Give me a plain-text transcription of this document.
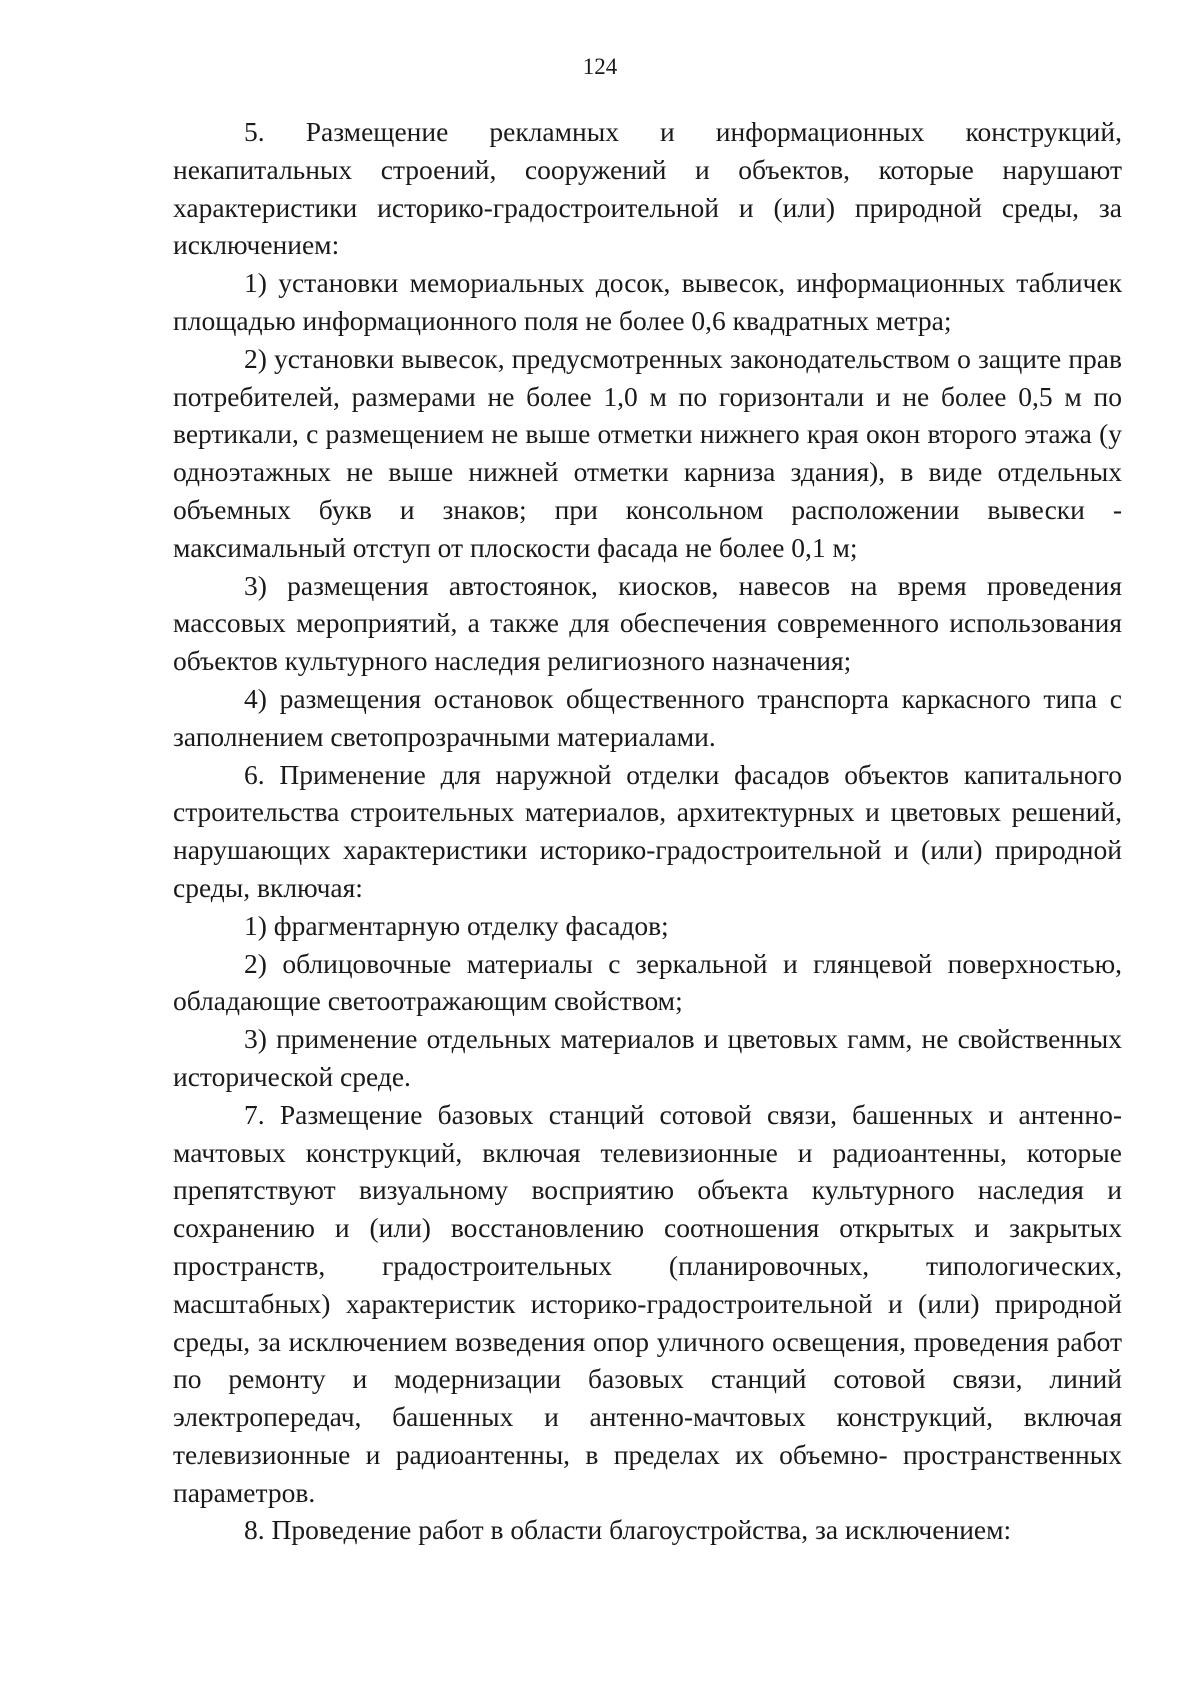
124

5. Размещение рекламных и информационных конструкций, некапитальных строений, сооружений и объектов, которые нарушают характеристики историко-градостроительной и (или) природной среды, за исключением:

1) установки мемориальных досок, вывесок, информационных табличек площадью информационного поля не более 0,6 квадратных метра;

2) установки вывесок, предусмотренных законодательством о защите прав потребителей, размерами не более 1,0 м по горизонтали и не более 0,5 м по вертикали, с размещением не выше отметки нижнего края окон второго этажа (у одноэтажных не выше нижней отметки карниза здания), в виде отдельных объемных букв и знаков; при консольном расположении вывески - максимальный отступ от плоскости фасада не более 0,1 м;

3) размещения автостоянок, киосков, навесов на время проведения массовых мероприятий, а также для обеспечения современного использования объектов культурного наследия религиозного назначения;

4) размещения остановок общественного транспорта каркасного типа с заполнением светопрозрачными материалами.

6. Применение для наружной отделки фасадов объектов капитального строительства строительных материалов, архитектурных и цветовых решений, нарушающих характеристики историко-градостроительной и (или) природной среды, включая:

1) фрагментарную отделку фасадов;

2) облицовочные материалы с зеркальной и глянцевой поверхностью, обладающие светоотражающим свойством;

3) применение отдельных материалов и цветовых гамм, не свойственных исторической среде.

7. Размещение базовых станций сотовой связи, башенных и антенно-мачтовых конструкций, включая телевизионные и радиоантенны, которые препятствуют визуальному восприятию объекта культурного наследия и сохранению и (или) восстановлению соотношения открытых и закрытых пространств, градостроительных (планировочных, типологических, масштабных) характеристик историко-градостроительной и (или) природной среды, за исключением возведения опор уличного освещения, проведения работ по ремонту и модернизации базовых станций сотовой связи, линий электропередач, башенных и антенно-мачтовых конструкций, включая телевизионные и радиоантенны, в пределах их объемно- пространственных параметров.

8. Проведение работ в области благоустройства, за исключением:
